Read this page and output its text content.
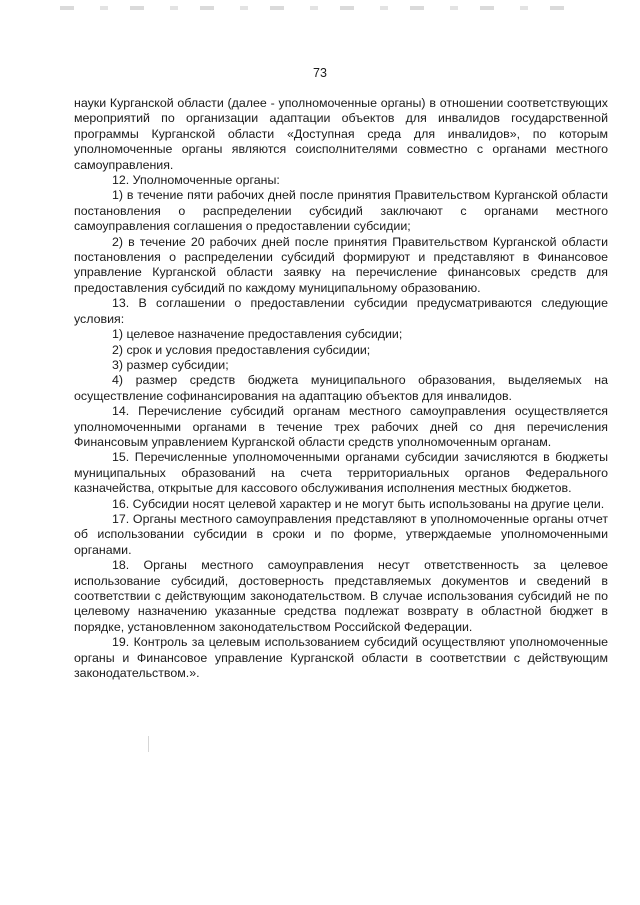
73

науки Курганской области (далее - уполномоченные органы) в отношении соответствующих мероприятий по организации адаптации объектов для инвалидов государственной программы Курганской области «Доступная среда для инвалидов», по которым уполномоченные органы являются соисполнителями совместно с органами местного самоуправления.

12. Уполномоченные органы:

1) в течение пяти рабочих дней после принятия Правительством Курганской области постановления о распределении субсидий заключают с органами местного самоуправления соглашения о предоставлении субсидии;

2) в течение 20 рабочих дней после принятия Правительством Курганской области постановления о распределении субсидий формируют и представляют в Финансовое управление Курганской области заявку на перечисление финансовых средств для предоставления субсидий по каждому муниципальному образованию.

13. В соглашении о предоставлении субсидии предусматриваются следующие условия:

1) целевое назначение предоставления субсидии;

2) срок и условия предоставления субсидии;

3) размер субсидии;

4) размер средств бюджета муниципального образования, выделяемых на осуществление софинансирования на адаптацию объектов для инвалидов.

14. Перечисление субсидий органам местного самоуправления осуществляется уполномоченными органами в течение трех рабочих дней со дня перечисления Финансовым управлением Курганской области средств уполномоченным органам.

15. Перечисленные уполномоченными органами субсидии зачисляются в бюджеты муниципальных образований на счета территориальных органов Федерального казначейства, открытые для кассового обслуживания исполнения местных бюджетов.

16. Субсидии носят целевой характер и не могут быть использованы на другие цели.

17. Органы местного самоуправления представляют в уполномоченные органы отчет об использовании субсидии в сроки и по форме, утверждаемые уполномоченными органами.

18. Органы местного самоуправления несут ответственность за целевое использование субсидий, достоверность представляемых документов и сведений в соответствии с действующим законодательством. В случае использования субсидий не по целевому назначению указанные средства подлежат возврату в областной бюджет в порядке, установленном законодательством Российской Федерации.

19. Контроль за целевым использованием субсидий осуществляют уполномоченные органы и Финансовое управление Курганской области в соответствии с действующим законодательством.».
